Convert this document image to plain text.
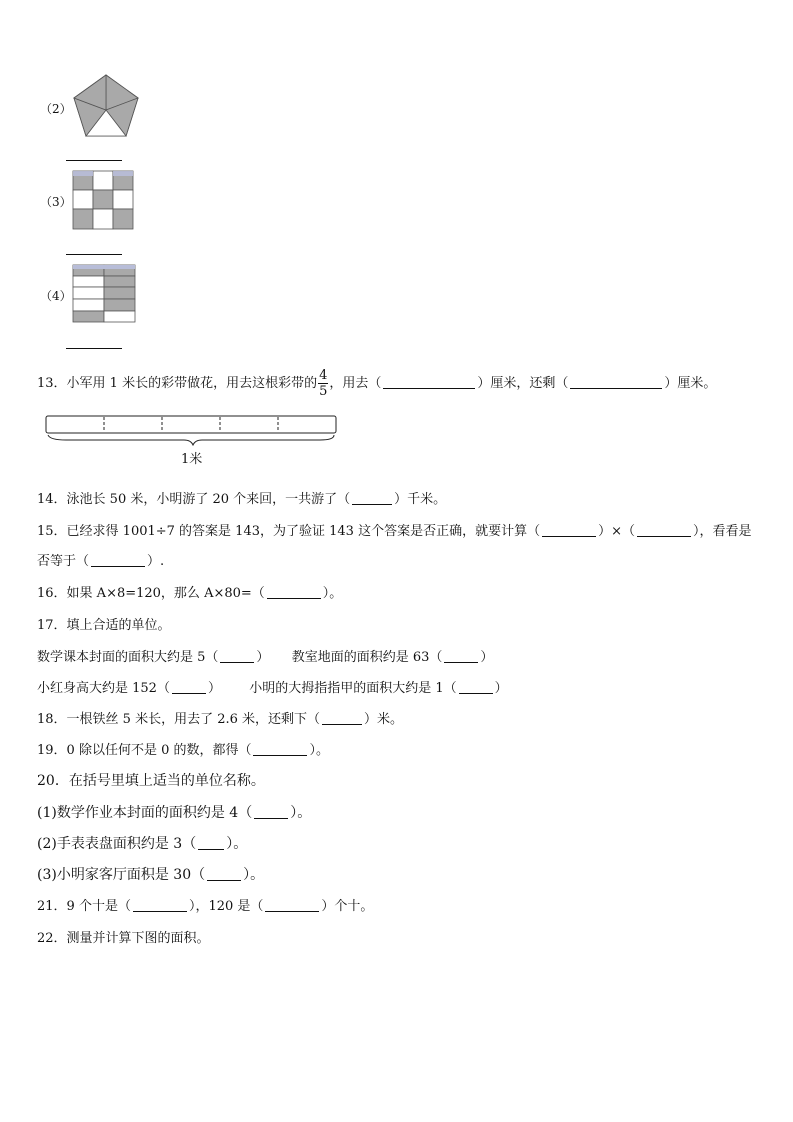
（2）
（3）
（4）
13．小军用 1 米长的彩带做花，用去这根彩带的 $\frac{4}{5}$ ，用去（	）厘米，还剩（	）厘米。
1米
14．泳池长 50 米，小明游了 20 个来回，一共游了（	）千米。
15．已经求得 1001÷7 的答案是 143，为了验证 143 这个答案是否正确，就要计算（	）×（	），看看是
否等于（	）.
16．如果 A×8=120，那么 A×80=（	）。
17．填上合适的单位。
数学课本封面的面积大约是 5（	） 教室地面的面积约是 63（	）
小红身高大约是 152（	） 小明的大拇指指甲的面积大约是 1（	）
18．一根铁丝 5 米长，用去了 2.6 米，还剩下（	）米。
19．0 除以任何不是 0 的数，都得（	）。
20．在括号里填上适当的单位名称。
(1)数学作业本封面的面积约是 4（	）。
(2)手表表盘面积约是 3（ ）。
(3)小明家客厅面积是 30（	）。
21．9 个十是（	），120 是（	）个十。
22．测量并计算下图的面积。
